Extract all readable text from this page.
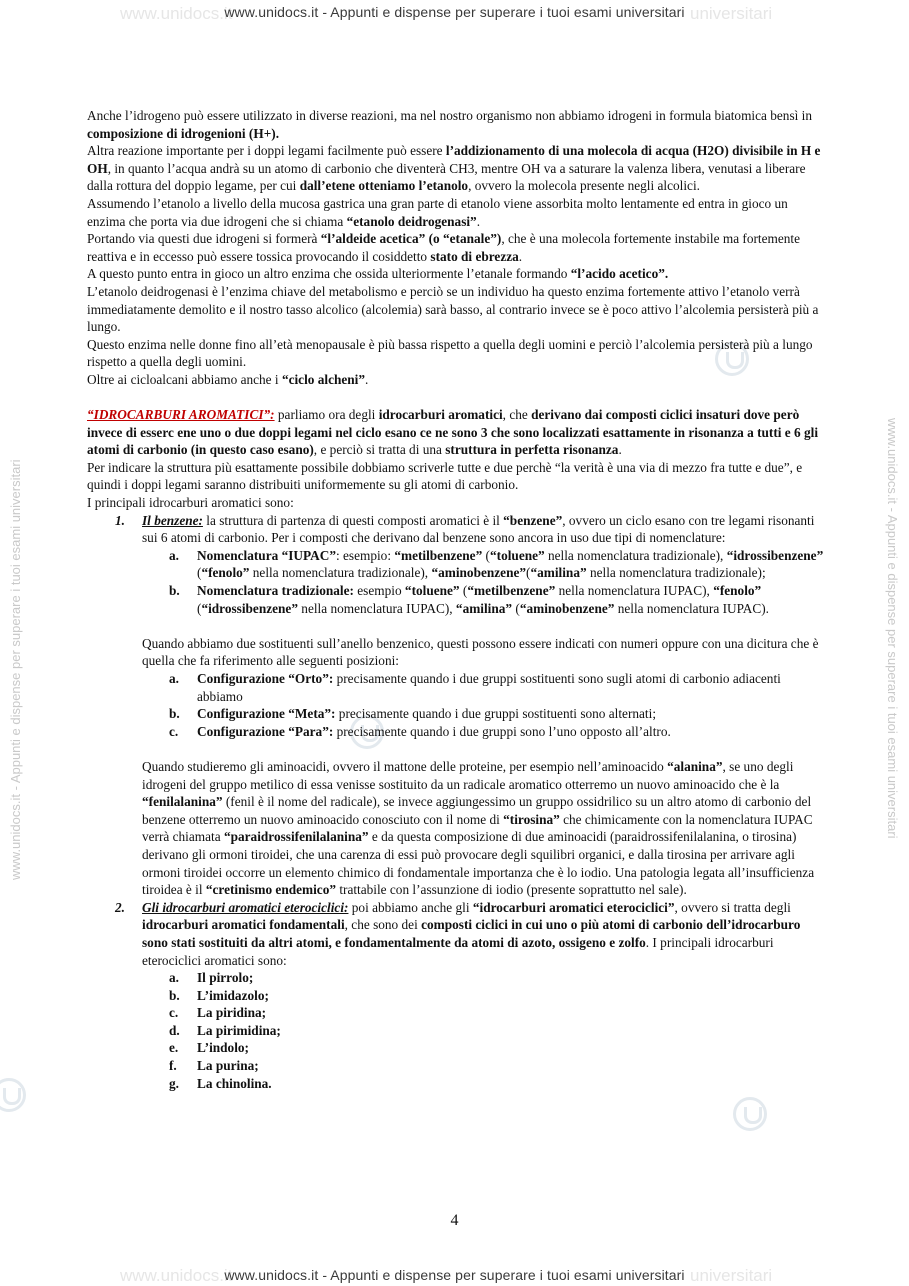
www.unidocs.it	universitari
www.unidocs.it	universitari
www.unidocs.it - Appunti e dispense per superare i tuoi esami universitari	www.unidocs.it - Appunti e dispense per superare i tuoi esami universitari
www.unidocs.it - Appunti e dispense per superare i tuoi esami universitari

Anche l’idrogeno può essere utilizzato in diverse reazioni, ma nel nostro organismo non abbiamo idrogeni in formula biatomica bensì in composizione di idrogenioni (H+).

Altra reazione importante per i doppi legami facilmente può essere l’addizionamento di una molecola di acqua (H2O) divisibile in H e OH, in quanto l’acqua andrà su un atomo di carbonio che diventerà CH3, mentre OH va a saturare la valenza libera, venutasi a liberare dalla rottura del doppio legame, per cui dall’etene otteniamo l’etanolo, ovvero la molecola presente negli alcolici.

Assumendo l’etanolo a livello della mucosa gastrica una gran parte di etanolo viene assorbita molto lentamente ed entra in gioco un enzima che porta via due idrogeni che si chiama “etanolo deidrogenasi”.

Portando via questi due idrogeni si formerà “l’aldeide acetica” (o “etanale”), che è una molecola fortemente instabile ma fortemente reattiva e in eccesso può essere tossica provocando il cosiddetto stato di ebrezza.

A questo punto entra in gioco un altro enzima che ossida ulteriormente l’etanale formando “l’acido acetico”.

L’etanolo deidrogenasi è l’enzima chiave del metabolismo e perciò se un individuo ha questo enzima fortemente attivo l’etanolo verrà immediatamente demolito e il nostro tasso alcolico (alcolemia) sarà basso, al contrario invece se è poco attivo l’alcolemia persisterà più a lungo.

Questo enzima nelle donne fino all’età menopausale è più bassa rispetto a quella degli uomini e perciò l’alcolemia persisterà più a lungo rispetto a quella degli uomini.

Oltre ai cicloalcani abbiamo anche i “ciclo alcheni”.

“IDROCARBURI AROMATICI”: parliamo ora degli idrocarburi aromatici, che derivano dai composti ciclici insaturi dove però invece di esserc ene uno o due doppi legami nel ciclo esano ce ne sono 3 che sono localizzati esattamente in risonanza a tutti e 6 gli atomi di carbonio (in questo caso esano), e perciò si tratta di una struttura in perfetta risonanza.

Per indicare la struttura più esattamente possibile dobbiamo scriverle tutte e due perchè “la verità è una via di mezzo fra tutte e due”, e quindi i doppi legami saranno distribuiti uniformemente su gli atomi di carbonio.

I principali idrocarburi aromatici sono:

1. Il benzene: la struttura di partenza di questi composti aromatici è il “benzene”, ovvero un ciclo esano con tre legami risonanti sui 6 atomi di carbonio. Per i composti che derivano dal benzene sono ancora in uso due tipi di nomenclature:

a. Nomenclatura “IUPAC”: esempio: “metilbenzene” (“toluene” nella nomenclatura tradizionale), “idrossibenzene” (“fenolo” nella nomenclatura tradizionale), “aminobenzene”(“amilina” nella nomenclatura tradizionale);

b. Nomenclatura tradizionale: esempio “toluene” (“metilbenzene” nella nomenclatura IUPAC), “fenolo” (“idrossibenzene” nella nomenclatura IUPAC), “amilina” (“aminobenzene” nella nomenclatura IUPAC).

Quando abbiamo due sostituenti sull’anello benzenico, questi possono essere indicati con numeri oppure con una dicitura che è quella che fa riferimento alle seguenti posizioni:

a. Configurazione “Orto”: precisamente quando i due gruppi sostituenti sono sugli atomi di carbonio adiacenti abbiamo

b. Configurazione “Meta”: precisamente quando i due gruppi sostituenti sono alternati;

c. Configurazione “Para”: precisamente quando i due gruppi sono l’uno opposto all’altro.

Quando studieremo gli aminoacidi, ovvero il mattone delle proteine, per esempio nell’aminoacido “alanina”, se uno degli idrogeni del gruppo metilico di essa venisse sostituito da un radicale aromatico otterremo un nuovo aminoacido che è la “fenilalanina” (fenil è il nome del radicale), se invece aggiungessimo un gruppo ossidrilico su un altro atomo di carbonio del benzene otterremo un nuovo aminoacido conosciuto con il nome di “tirosina” che chimicamente con la nomenclatura IUPAC verrà chiamata “paraidrossifenilalanina” e da questa composizione di due aminoacidi (paraidrossifenilalanina, o tirosina) derivano gli ormoni tiroidei, che una carenza di essi può provocare degli squilibri organici, e dalla tirosina per arrivare agli ormoni tiroidei occorre un elemento chimico di fondamentale importanza che è lo iodio. Una patologia legata all’insufficienza tiroidea è il “cretinismo endemico” trattabile con l’assunzione di iodio (presente soprattutto nel sale).

2. Gli idrocarburi aromatici eterociclici: poi abbiamo anche gli “idrocarburi aromatici eterociclici”, ovvero si tratta degli idrocarburi aromatici fondamentali, che sono dei composti ciclici in cui uno o più atomi di carbonio dell’idrocarburo sono stati sostituiti da altri atomi, e fondamentalmente da atomi di azoto, ossigeno e zolfo. I principali idrocarburi eterociclici aromatici sono:

a. Il pirrolo;

b. L’imidazolo;

c. La piridina;

d. La pirimidina;

e. L’indolo;

f. La purina;

g. La chinolina.

4
www.unidocs.it - Appunti e dispense per superare i tuoi esami universitari
